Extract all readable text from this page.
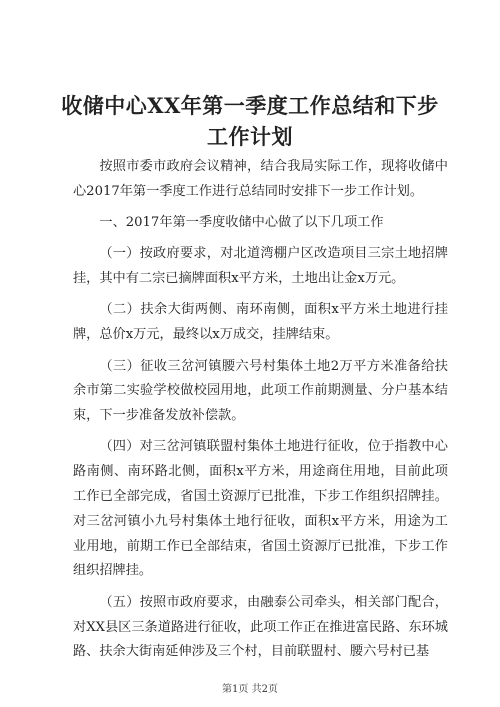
收储中心XX年第一季度工作总结和下步工作计划

按照市委市政府会议精神，结合我局实际工作，现将收储中心2017年第一季度工作进行总结同时安排下一步工作计划。

一、2017年第一季度收储中心做了以下几项工作

（一）按政府要求，对北道湾棚户区改造项目三宗土地招牌挂，其中有二宗已摘牌面积x平方米，土地出让金x万元。

（二）扶余大街两侧、南环南侧，面积x平方米土地进行挂牌，总价x万元，最终以x万成交，挂牌结束。

（三）征收三岔河镇腰六号村集体土地2万平方米准备给扶余市第二实验学校做校园用地，此项工作前期测量、分户基本结束，下一步准备发放补偿款。

（四）对三岔河镇联盟村集体土地进行征收，位于指教中心路南侧、南环路北侧，面积x平方米，用途商住用地，目前此项工作已全部完成，省国土资源厅已批准，下步工作组织招牌挂。对三岔河镇小九号村集体土地行征收，面积x平方米，用途为工业用地，前期工作已全部结束，省国土资源厅已批准，下步工作组织招牌挂。

（五）按照市政府要求，由融泰公司牵头，相关部门配合，对XX县区三条道路进行征收，此项工作正在推进富民路、东环城路、扶余大街南延伸涉及三个村，目前联盟村、腰六号村已基

第1页 共2页
